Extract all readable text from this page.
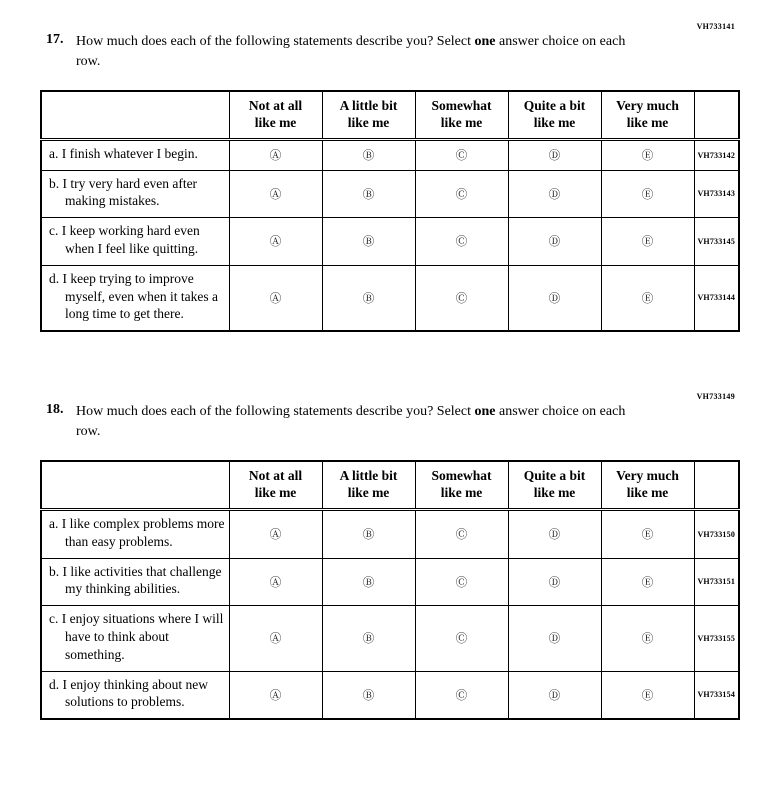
VH733141
17. How much does each of the following statements describe you? Select one answer choice on each row.
	Not at all
like me	A little bit
like me	Somewhat
like me	Quite a bit
like me	Very much
like me	
a. I finish whatever I begin.	Ⓐ	Ⓑ	Ⓒ	Ⓓ	Ⓔ	VH733142
b. I try very hard even after making mistakes.	Ⓐ	Ⓑ	Ⓒ	Ⓓ	Ⓔ	VH733143
c. I keep working hard even when I feel like quitting.	Ⓐ	Ⓑ	Ⓒ	Ⓓ	Ⓔ	VH733145
d. I keep trying to improve myself, even when it takes a long time to get there.	Ⓐ	Ⓑ	Ⓒ	Ⓓ	Ⓔ	VH733144
VH733149
18. How much does each of the following statements describe you? Select one answer choice on each row.
	Not at all
like me	A little bit
like me	Somewhat
like me	Quite a bit
like me	Very much
like me	
a. I like complex problems more than easy problems.	Ⓐ	Ⓑ	Ⓒ	Ⓓ	Ⓔ	VH733150
b. I like activities that challenge my thinking abilities.	Ⓐ	Ⓑ	Ⓒ	Ⓓ	Ⓔ	VH733151
c. I enjoy situations where I will have to think about something.	Ⓐ	Ⓑ	Ⓒ	Ⓓ	Ⓔ	VH733155
d. I enjoy thinking about new solutions to problems.	Ⓐ	Ⓑ	Ⓒ	Ⓓ	Ⓔ	VH733154
